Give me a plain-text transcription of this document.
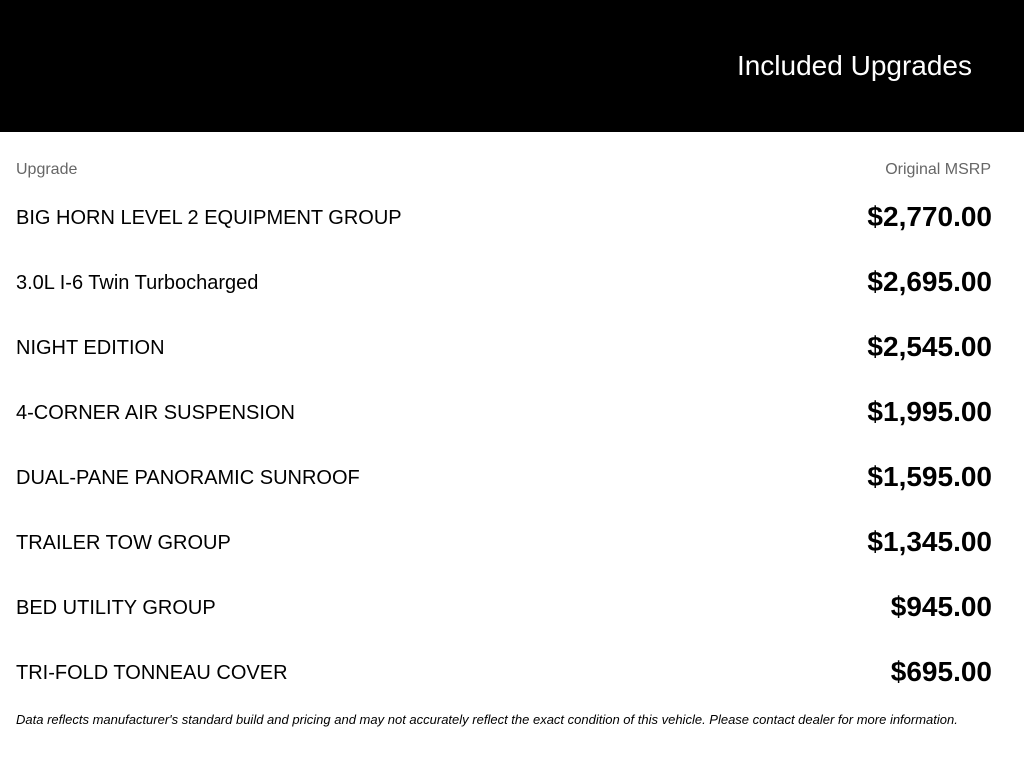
Included Upgrades
Upgrade	Original MSRP
BIG HORN LEVEL 2 EQUIPMENT GROUP	$2,770.00
3.0L I-6 Twin Turbocharged	$2,695.00
NIGHT EDITION	$2,545.00
4-CORNER AIR SUSPENSION	$1,995.00
DUAL-PANE PANORAMIC SUNROOF	$1,595.00
TRAILER TOW GROUP	$1,345.00
BED UTILITY GROUP	$945.00
TRI-FOLD TONNEAU COVER	$695.00
Data reflects manufacturer's standard build and pricing and may not accurately reflect the exact condition of this vehicle. Please contact dealer for more information.
